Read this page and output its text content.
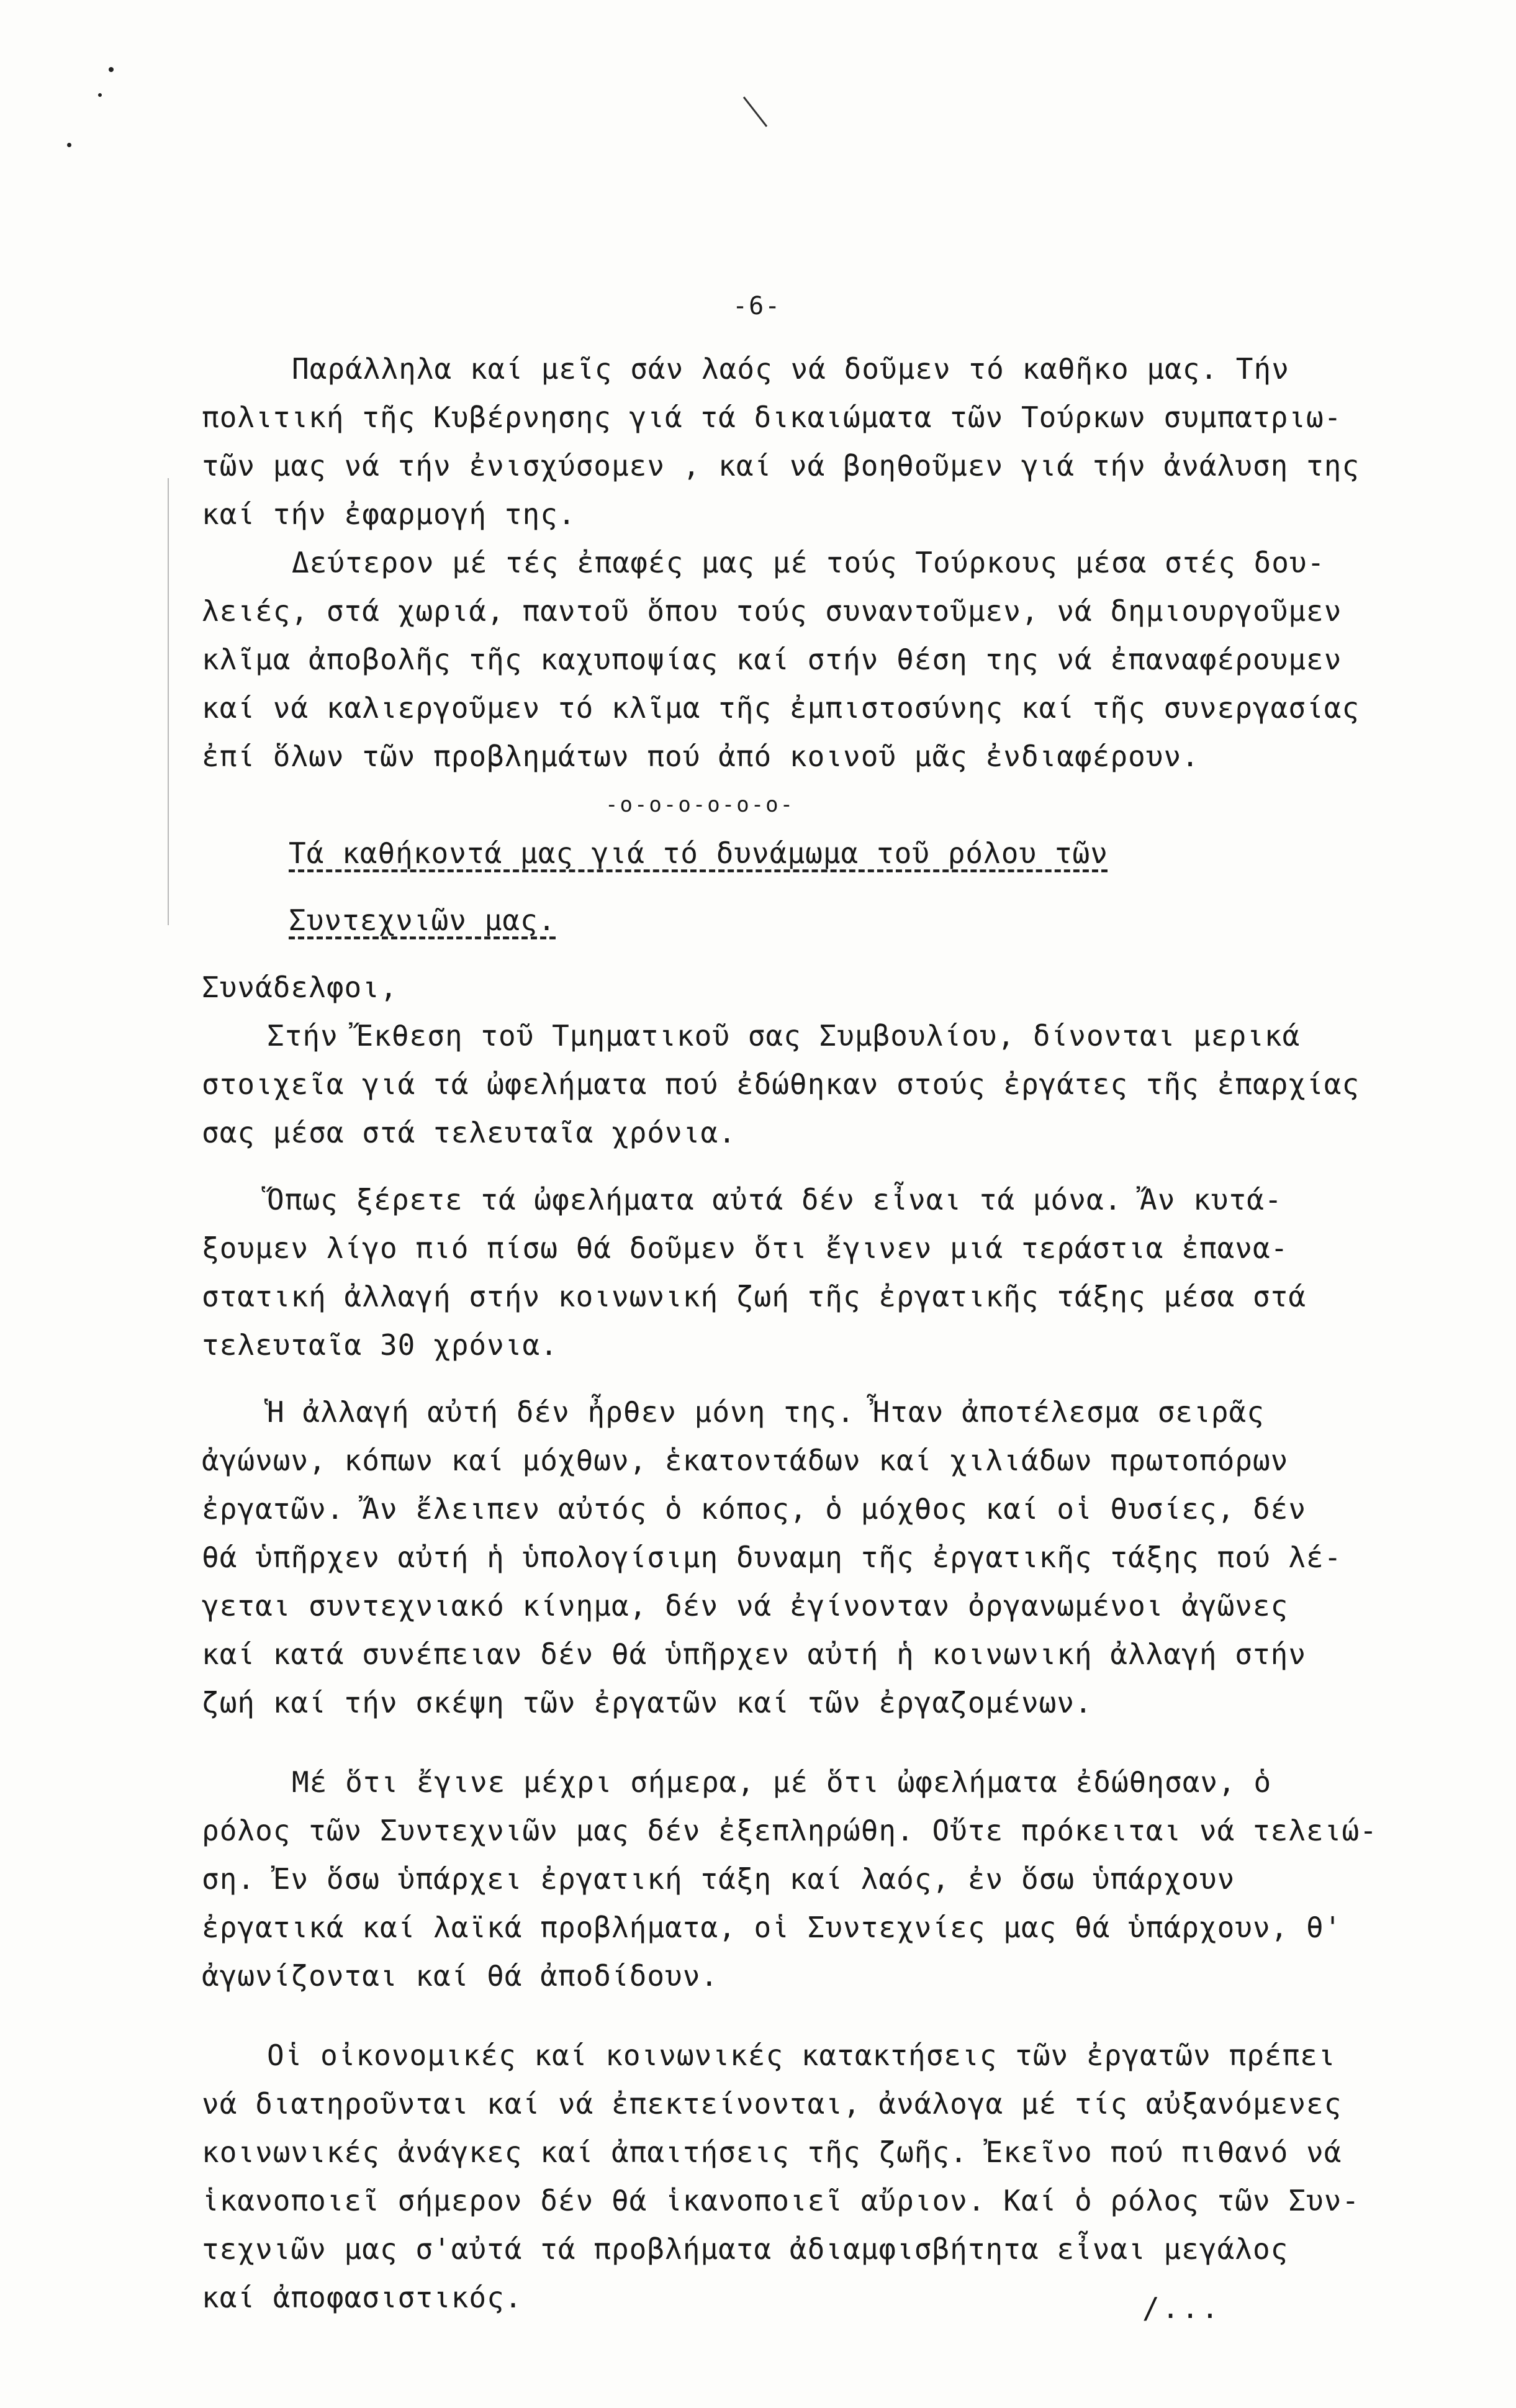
-6-
Παράλληλα καί μεῖς σάν λαός νά δοῦμεν τό καθῆκο μας. Τήν
πολιτική τῆς Κυβέρνησης γιά τά δικαιώματα τῶν Τούρκων συμπατριω-
τῶν μας νά τήν ἐνισχύσομεν , καί νά βοηθοῦμεν γιά τήν ἀνάλυση της
καί τήν ἐφαρμογή της.
Δεύτερον μέ τές ἐπαφές μας μέ τούς Τούρκους μέσα στές δου-
λειές, στά χωριά, παντοῦ ὅπου τούς συναντοῦμεν, νά δημιουργοῦμεν
κλῖμα ἀποβολῆς τῆς καχυποψίας καί στήν θέση της νά ἐπαναφέρουμεν
καί νά καλιεργοῦμεν τό κλῖμα τῆς ἐμπιστοσύνης καί τῆς συνεργασίας
ἐπί ὅλων τῶν προβλημάτων πού ἀπό κοινοῦ μᾶς ἐνδιαφέρουν.
-o-o-o-o-o-o-
Τά καθήκοντά μας γιά τό δυνάμωμα τοῦ ρόλου τῶν
Συντεχνιῶν μας.
Συνάδελφοι,
Στήν Ἔκθεση τοῦ Τμηματικοῦ σας Συμβουλίου, δίνονται μερικά
στοιχεῖα γιά τά ὠφελήματα πού ἐδώθηκαν στούς ἐργάτες τῆς ἐπαρχίας
σας μέσα στά τελευταῖα χρόνια.
Ὅπως ξέρετε τά ὠφελήματα αὐτά δέν εἶναι τά μόνα. Ἄν κυτά-
ξουμεν λίγο πιό πίσω θά δοῦμεν ὅτι ἔγινεν μιά τεράστια ἐπανα-
στατική ἀλλαγή στήν κοινωνική ζωή τῆς ἐργατικῆς τάξης μέσα στά
τελευταῖα 30 χρόνια.
Ἡ ἀλλαγή αὐτή δέν ἦρθεν μόνη της. Ἦταν ἀποτέλεσμα σειρᾶς
ἀγώνων, κόπων καί μόχθων, ἑκατοντάδων καί χιλιάδων πρωτοπόρων
ἐργατῶν. Ἄν ἔλειπεν αὐτός ὁ κόπος, ὁ μόχθος καί οἱ θυσίες, δέν
θά ὑπῆρχεν αὐτή ἡ ὑπολογίσιμη δυναμη τῆς ἐργατικῆς τάξης πού λέ-
γεται συντεχνιακό κίνημα, δέν νά ἐγίνονταν ὀργανωμένοι ἀγῶνες
καί κατά συνέπειαν δέν θά ὑπῆρχεν αὐτή ἡ κοινωνική ἀλλαγή στήν
ζωή καί τήν σκέψη τῶν ἐργατῶν καί τῶν ἐργαζομένων.
Μέ ὅτι ἔγινε μέχρι σήμερα, μέ ὅτι ὠφελήματα ἐδώθησαν, ὁ
ρόλος τῶν Συντεχνιῶν μας δέν ἐξεπληρώθη. Οὔτε πρόκειται νά τελειώ-
ση. Ἐν ὅσω ὑπάρχει ἐργατική τάξη καί λαός, ἐν ὅσω ὑπάρχουν
ἐργατικά καί λαϊκά προβλήματα, οἱ Συντεχνίες μας θά ὑπάρχουν, θ'
ἀγωνίζονται καί θά ἀποδίδουν.
Οἱ οἰκονομικές καί κοινωνικές κατακτήσεις τῶν ἐργατῶν πρέπει
νά διατηροῦνται καί νά ἐπεκτείνονται, ἀνάλογα μέ τίς αὐξανόμενες
κοινωνικές ἀνάγκες καί ἀπαιτήσεις τῆς ζωῆς. Ἐκεῖνο πού πιθανό νά
ἱκανοποιεῖ σήμερον δέν θά ἱκανοποιεῖ αὔριον. Καί ὁ ρόλος τῶν Συν-
τεχνιῶν μας σ'αὐτά τά προβλήματα ἀδιαμφισβήτητα εἶναι μεγάλος
καί ἀποφασιστικός.	/...
